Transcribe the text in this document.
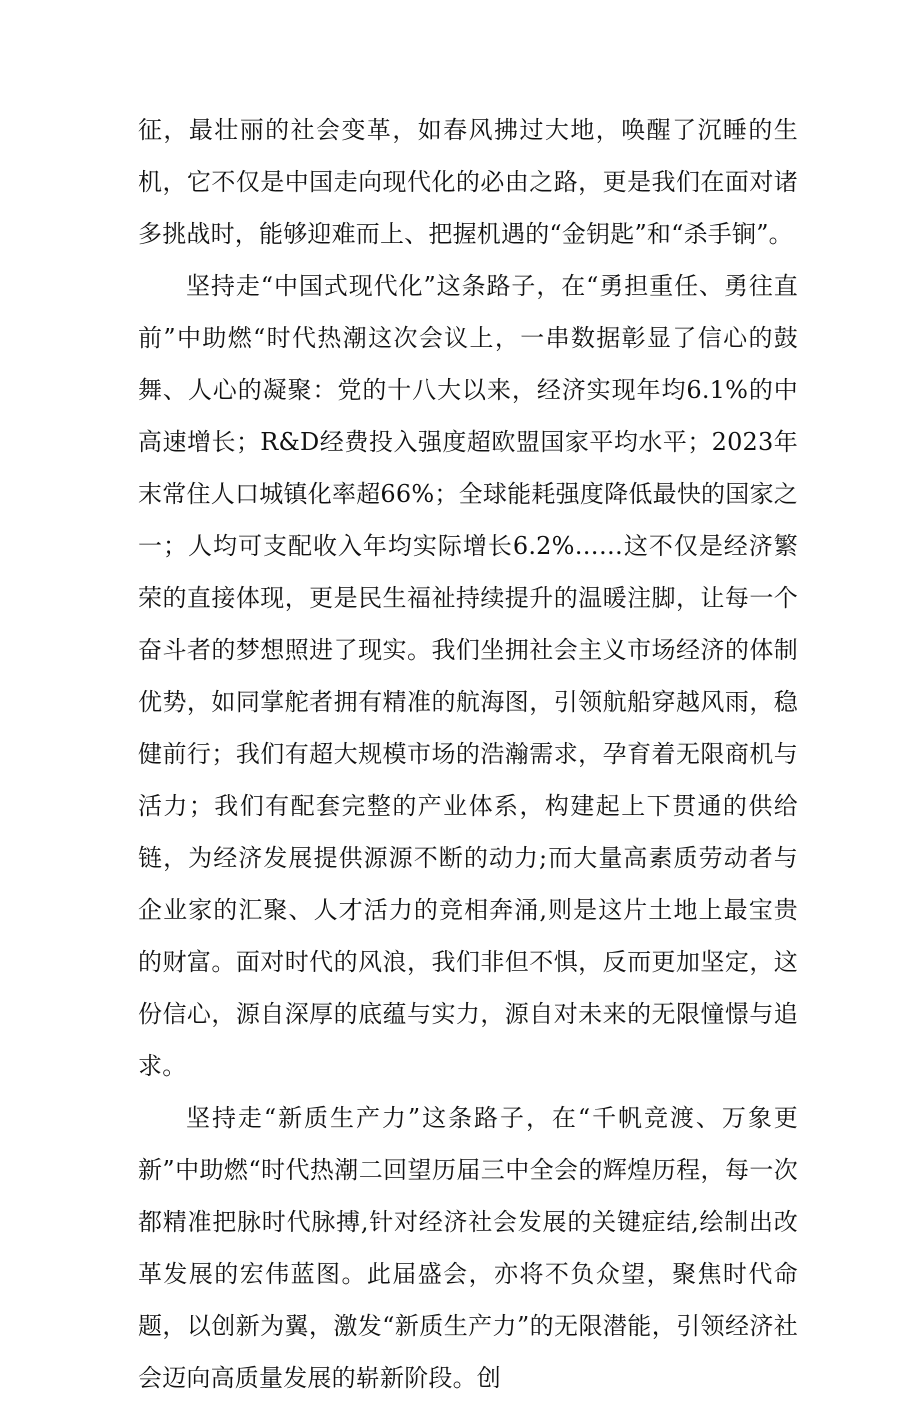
征，最壮丽的社会变革，如春风拂过大地，唤醒了沉睡的生机，它不仅是中国走向现代化的必由之路，更是我们在面对诸多挑战时，能够迎难而上、把握机遇的“金钥匙”和“杀手锏”。

坚持走“中国式现代化”这条路子，在“勇担重任、勇往直前”中助燃“时代热潮这次会议上，一串数据彰显了信心的鼓舞、人心的凝聚：党的十八大以来，经济实现年均6.1%的中高速增长；R&D经费投入强度超欧盟国家平均水平；2023年末常住人口城镇化率超66%；全球能耗强度降低最快的国家之一；人均可支配收入年均实际增长6.2%……这不仅是经济繁荣的直接体现，更是民生福祉持续提升的温暖注脚，让每一个奋斗者的梦想照进了现实。我们坐拥社会主义市场经济的体制优势，如同掌舵者拥有精准的航海图，引领航船穿越风雨，稳健前行；我们有超大规模市场的浩瀚需求，孕育着无限商机与活力；我们有配套完整的产业体系，构建起上下贯通的供给链，为经济发展提供源源不断的动力;而大量高素质劳动者与企业家的汇聚、人才活力的竞相奔涌,则是这片土地上最宝贵的财富。面对时代的风浪，我们非但不惧，反而更加坚定，这份信心，源自深厚的底蕴与实力，源自对未来的无限憧憬与追求。

坚持走“新质生产力”这条路子，在“千帆竞渡、万象更新”中助燃“时代热潮二回望历届三中全会的辉煌历程，每一次都精准把脉时代脉搏,针对经济社会发展的关键症结,绘制出改革发展的宏伟蓝图。此届盛会，亦将不负众望，聚焦时代命题，以创新为翼，激发“新质生产力”的无限潜能，引领经济社会迈向高质量发展的崭新阶段。创
